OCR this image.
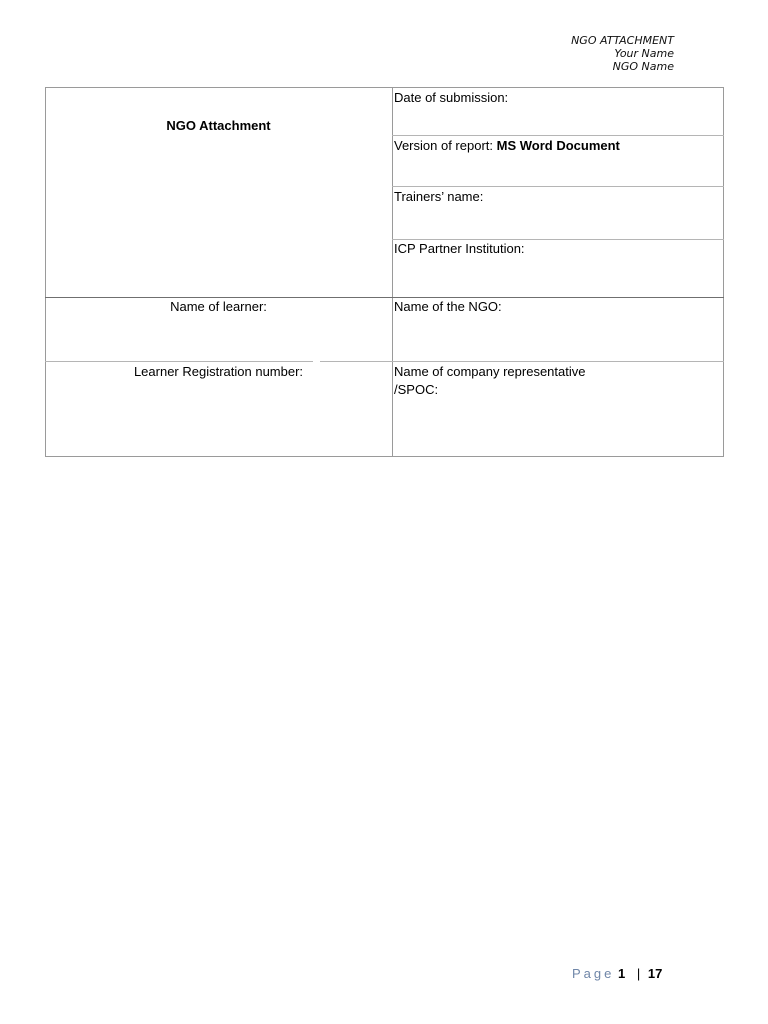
NGO ATTACHMENT
Your Name
NGO Name
NGO Attachment
Name of learner:
Learner Registration number:
Date of submission:
Version of report: MS Word Document
Trainers’ name:
ICP Partner Institution:
Name of the NGO:
Name of company representative
/SPOC:
Page 1 | 17
